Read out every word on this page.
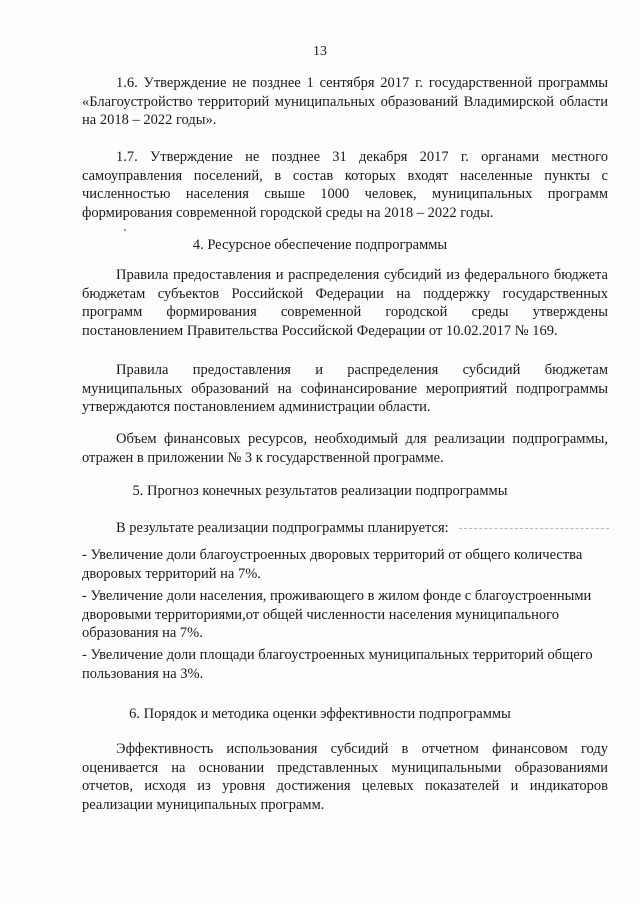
13
1.6. Утверждение не позднее 1 сентября 2017 г. государственной программы «Благоустройство территорий муниципальных образований Владимирской области на 2018 – 2022 годы».
1.7. Утверждение не позднее 31 декабря 2017 г. органами местного самоуправления поселений, в состав которых входят населенные пункты с численностью населения свыше 1000 человек, муниципальных программ формирования современной городской среды на 2018 – 2022 годы.
4. Ресурсное обеспечение подпрограммы
Правила предоставления и распределения субсидий из федерального бюджета бюджетам субъектов Российской Федерации на поддержку государственных программ формирования современной городской среды утверждены постановлением Правительства Российской Федерации от 10.02.2017 № 169.
Правила предоставления и распределения субсидий бюджетам муниципальных образований на софинансирование мероприятий подпрограммы утверждаются постановлением администрации области.
Объем финансовых ресурсов, необходимый для реализации подпрограммы, отражен в приложении № 3 к государственной программе.
5. Прогноз конечных результатов реализации подпрограммы
В результате реализации подпрограммы планируется:
- Увеличение доли благоустроенных дворовых территорий от общего количества дворовых территорий на 7%.
- Увеличение доли населения, проживающего в жилом фонде с благоустроенными дворовыми территориями,от общей численности населения муниципального образования на 7%.
- Увеличение доли площади благоустроенных муниципальных территорий общего пользования на 3%.
6. Порядок и методика оценки эффективности подпрограммы
Эффективность использования субсидий в отчетном финансовом году оценивается на основании представленных муниципальными образованиями отчетов, исходя из уровня достижения целевых показателей и индикаторов реализации муниципальных программ.
